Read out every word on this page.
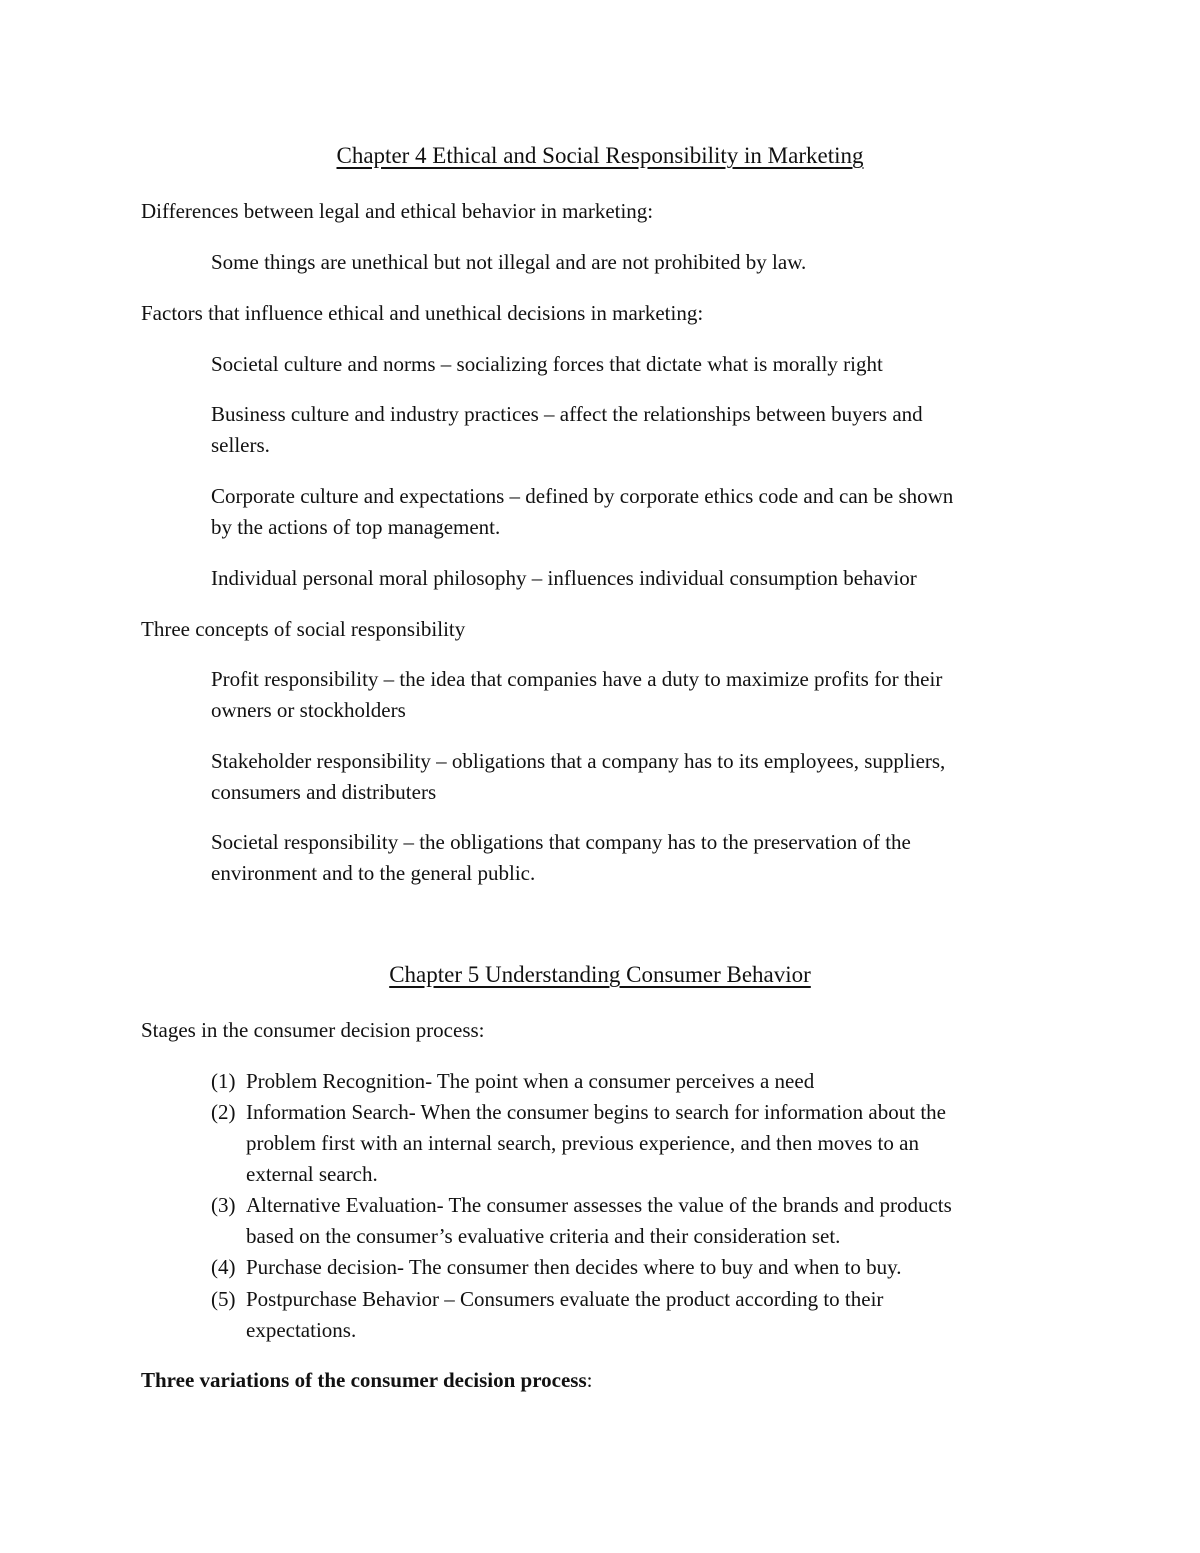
Chapter 4 Ethical and Social Responsibility in Marketing
Differences between legal and ethical behavior in marketing:
Some things are unethical but not illegal and are not prohibited by law.
Factors that influence ethical and unethical decisions in marketing:
Societal culture and norms – socializing forces that dictate what is morally right
Business culture and industry practices – affect the relationships between buyers and
sellers.
Corporate culture and expectations – defined by corporate ethics code and can be shown
by the actions of top management.
Individual personal moral philosophy – influences individual consumption behavior
Three concepts of social responsibility
Profit responsibility – the idea that companies have a duty to maximize profits for their
owners or stockholders
Stakeholder responsibility – obligations that a company has to its employees, suppliers,
consumers and distributers
Societal responsibility – the obligations that company has to the preservation of the
environment and to the general public.
Chapter 5 Understanding Consumer Behavior
Stages in the consumer decision process:
(1) Problem Recognition- The point when a consumer perceives a need
(2) Information Search- When the consumer begins to search for information about the
problem first with an internal search, previous experience, and then moves to an
external search.
(3) Alternative Evaluation- The consumer assesses the value of the brands and products
based on the consumer’s evaluative criteria and their consideration set.
(4) Purchase decision- The consumer then decides where to buy and when to buy.
(5) Postpurchase Behavior – Consumers evaluate the product according to their
expectations.
Three variations of the consumer decision process:
